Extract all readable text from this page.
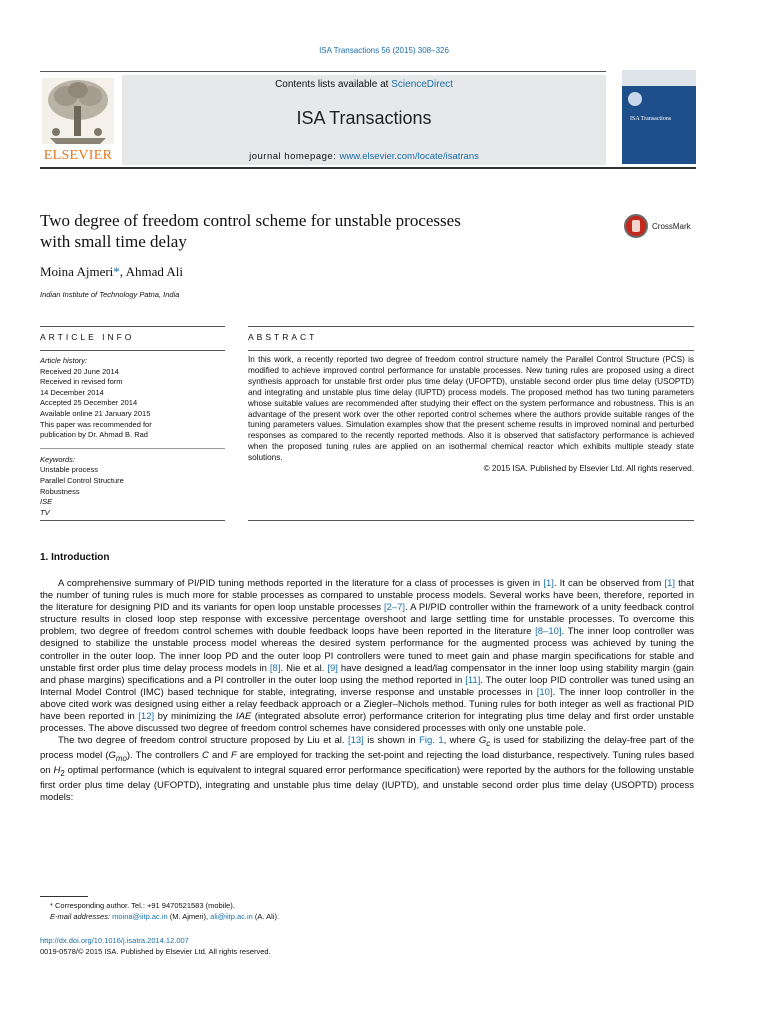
ISA Transactions 56 (2015) 308–326
ELSEVIER
Contents lists available at ScienceDirect
ISA Transactions
journal homepage: www.elsevier.com/locate/isatrans
ISA Transactions
Two degree of freedom control scheme for unstable processes
with small time delay
CrossMark
Moina Ajmeri*, Ahmad Ali
Indian Institute of Technology Patna, India
ARTICLE INFO	ABSTRACT
Article history:
Received 20 June 2014
Received in revised form
14 December 2014
Accepted 25 December 2014
Available online 21 January 2015
This paper was recommended for
publication by Dr. Ahmad B. Rad
Keywords:
Unstable process
Parallel Control Structure
Robustness
ISE
TV
In this work, a recently reported two degree of freedom control structure namely the Parallel Control Structure (PCS) is modified to achieve improved control performance for unstable processes. New tuning rules are proposed using a direct synthesis approach for unstable first order plus time delay (UFOPTD), unstable second order plus time delay (USOPTD) and integrating and unstable plus time delay (IUPTD) process models. The proposed method has two tuning parameters whose suitable values are recommended after studying their effect on the system performance and robustness. This is an advantage of the present work over the other reported control schemes where the authors provide suitable ranges of the tuning parameters values. Simulation examples show that the present scheme results in improved nominal and perturbed responses as compared to the recently reported methods. Also it is observed that satisfactory performance is achieved when the proposed tuning rules are applied on an isothermal chemical reactor which exhibits multiple steady state solutions.
© 2015 ISA. Published by Elsevier Ltd. All rights reserved.
1. Introduction

A comprehensive summary of PI/PID tuning methods reported in the literature for a class of processes is given in [1]. It can be observed from [1] that the number of tuning rules is much more for stable processes as compared to unstable process models. Several works have been, therefore, reported in the literature for designing PID and its variants for open loop unstable processes [2–7]. A PI/PID controller within the framework of a unity feedback control structure results in closed loop step response with excessive percentage overshoot and large settling time for unstable processes. To overcome this problem, two degree of freedom control schemes with double feedback loops have been reported in the literature [8–10]. The inner loop controller was designed to stabilize the unstable process model whereas the desired system performance for the augmented process was achieved by tuning the controller in the outer loop. The inner loop PD and the outer loop PI controllers were tuned to meet gain and phase margin specifications for stable and unstable first order plus time delay process models in [8]. Nie et al. [9] have designed a lead/lag compensator in the inner loop using stability margin (gain and phase margins) specifications and a PI controller in the outer loop using the method reported in [11]. The outer loop PID controller was tuned using an Internal Model Control (IMC) based technique for stable, integrating, inverse response and unstable processes in [10]. The inner loop controller in the above cited work was designed using either a relay feedback approach or a Ziegler–Nichols method. Tuning rules for both integer as well as fractional PID have been reported in [12] by minimizing the IAE (integrated absolute error) performance criterion for integrating plus time delay and first order unstable processes. The above discussed two degree of freedom control schemes have considered processes with only one unstable pole.

The two degree of freedom control structure proposed by Liu et al. [13] is shown in Fig. 1, where $G_c$ is used for stabilizing the delay-free part of the process model $(G_{mo})$. The controllers C and F are employed for tracking the set-point and rejecting the load disturbance, respectively. Tuning rules based on $H_2$ optimal performance (which is equivalent to integral squared error performance specification) were reported by the authors for the following unstable first order plus time delay (UFOPTD), integrating and unstable plus time delay (IUPTD), and unstable second order plus time delay (USOPTD) process models:

* Corresponding author. Tel.: +91 9470521583 (mobile).
E-mail addresses: moina@iitp.ac.in (M. Ajmeri), ali@iitp.ac.in (A. Ali).
http://dx.doi.org/10.1016/j.isatra.2014.12.007
0019-0578/© 2015 ISA. Published by Elsevier Ltd. All rights reserved.
